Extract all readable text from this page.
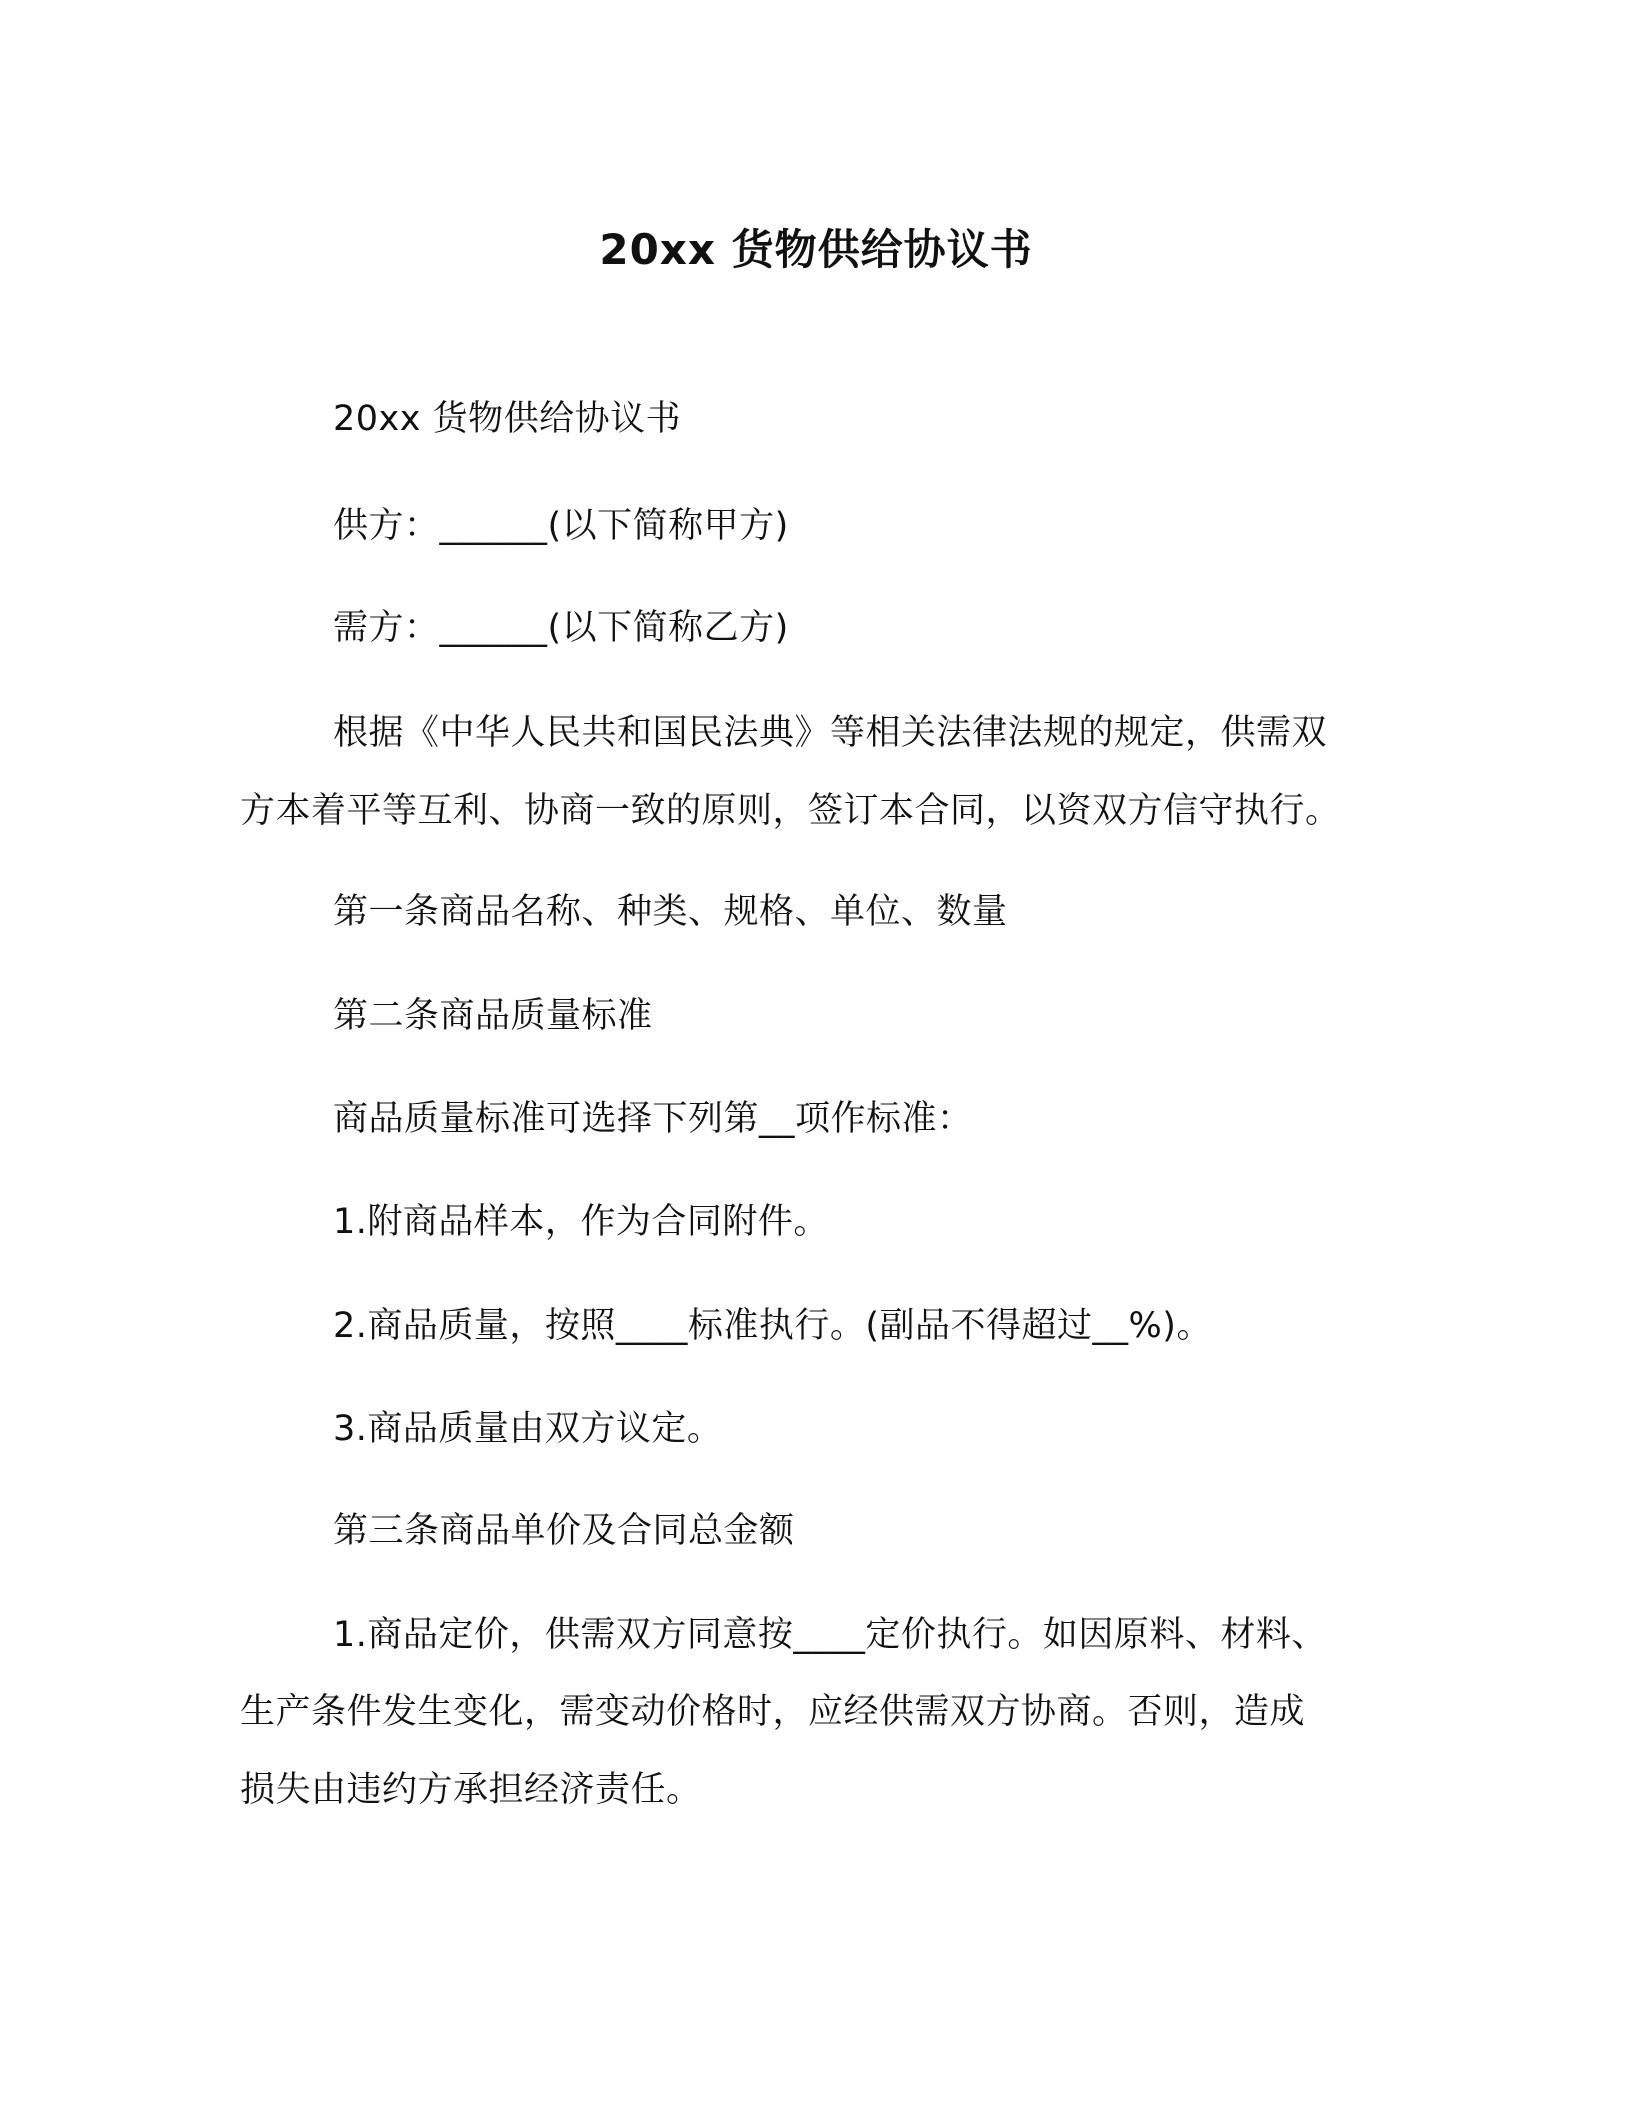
20xx 货物供给协议书
20xx 货物供给协议书
供方：______(以下简称甲方)
需方：______(以下简称乙方)
根据《中华人民共和国民法典》等相关法律法规的规定，供需双
方本着平等互利、协商一致的原则，签订本合同，以资双方信守执行。
第一条商品名称、种类、规格、单位、数量
第二条商品质量标准
商品质量标准可选择下列第__项作标准：
1.附商品样本，作为合同附件。
2.商品质量，按照____标准执行。(副品不得超过__%)。
3.商品质量由双方议定。
第三条商品单价及合同总金额
1.商品定价，供需双方同意按____定价执行。如因原料、材料、
生产条件发生变化，需变动价格时，应经供需双方协商。否则，造成
损失由违约方承担经济责任。
